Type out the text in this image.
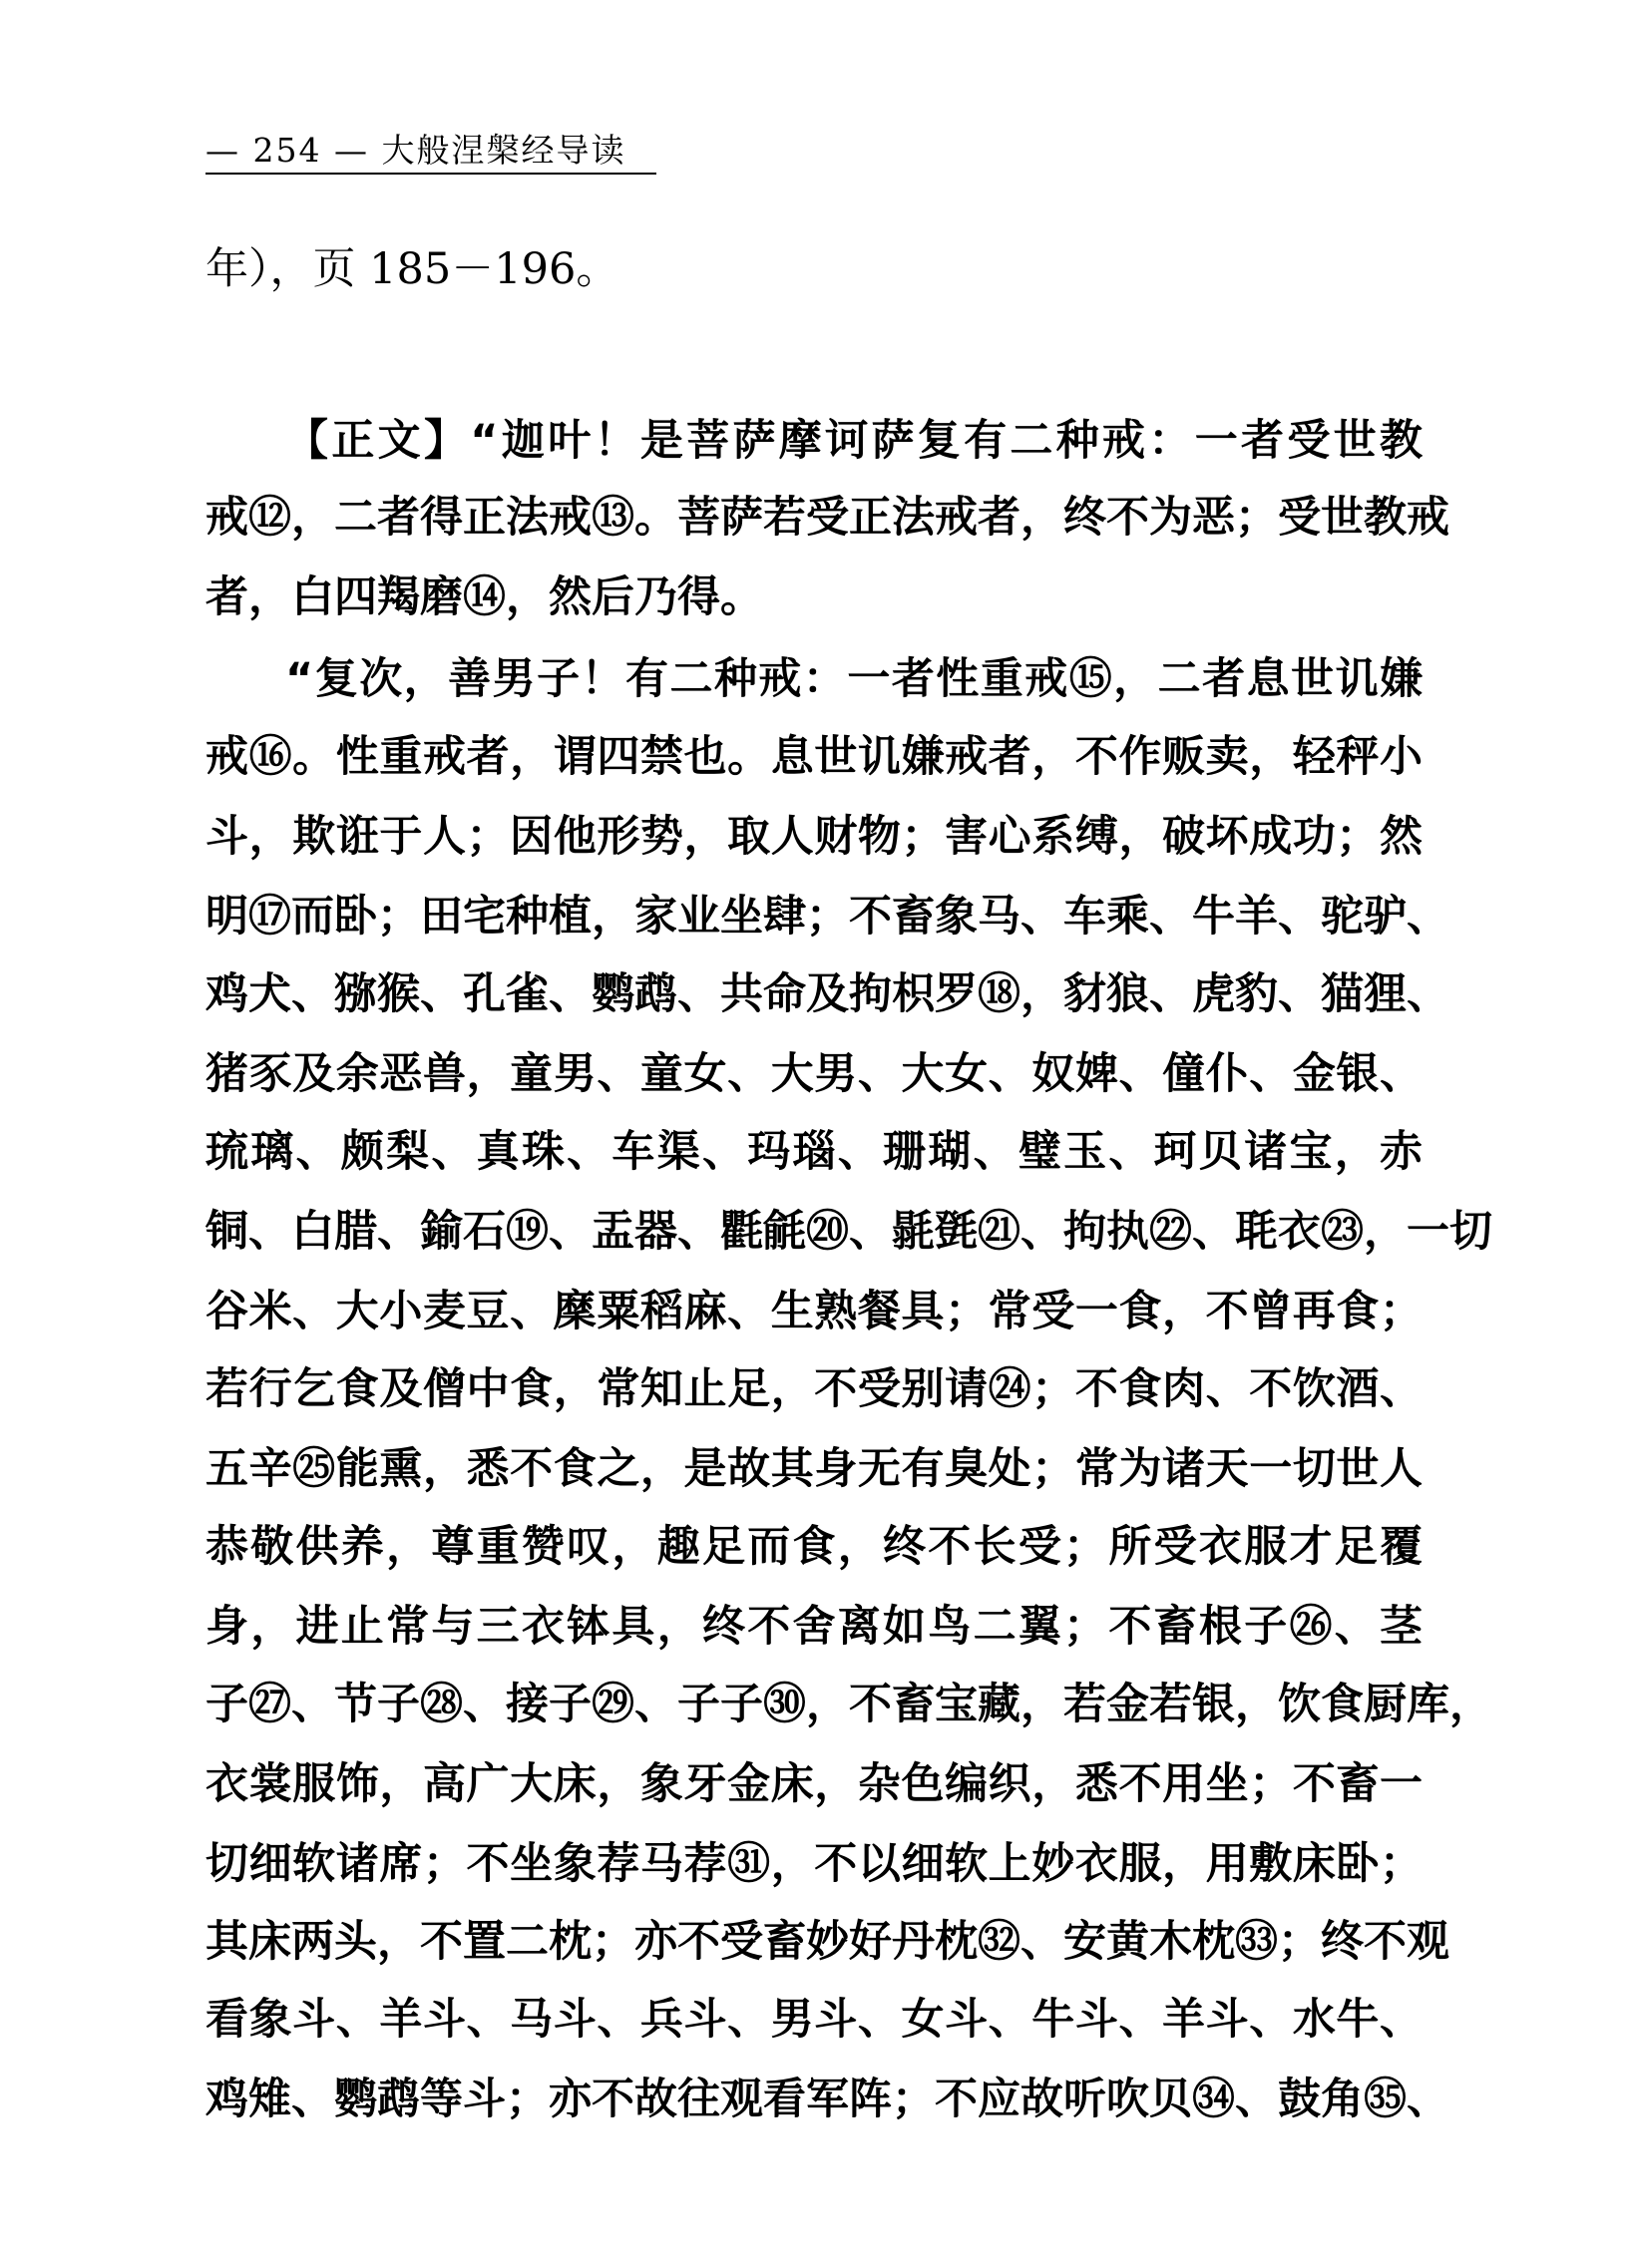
— 254 — 大般涅槃经导读
年），页 185－196。
【正文】“迦叶！是菩萨摩诃萨复有二种戒：一者受世教
戒⑫，二者得正法戒⑬。菩萨若受正法戒者，终不为恶；受世教戒
者，白四羯磨⑭，然后乃得。
“复次，善男子！有二种戒：一者性重戒⑮，二者息世讥嫌
戒⑯。性重戒者，谓四禁也。息世讥嫌戒者，不作贩卖，轻秤小
斗，欺诳于人；因他形势，取人财物；害心系缚，破坏成功；然
明⑰而卧；田宅种植，家业坐肆；不畜象马、车乘、牛羊、驼驴、
鸡犬、猕猴、孔雀、鹦鹉、共命及拘枳罗⑱，豺狼、虎豹、猫狸、
猪豕及余恶兽，童男、童女、大男、大女、奴婢、僮仆、金银、
琉璃、颇梨、真珠、车渠、玛瑙、珊瑚、璧玉、珂贝诸宝，赤
铜、白腊、鍮石⑲、盂器、氍毹⑳、毾㲪㉑、拘执㉒、毦衣㉓，一切
谷米、大小麦豆、穈粟稻麻、生熟餐具；常受一食，不曾再食；
若行乞食及僧中食，常知止足，不受别请㉔；不食肉、不饮酒、
五辛㉕能熏，悉不食之，是故其身无有臭处；常为诸天一切世人
恭敬供养，尊重赞叹，趣足而食，终不长受；所受衣服才足覆
身，进止常与三衣钵具，终不舍离如鸟二翼；不畜根子㉖、茎
子㉗、节子㉘、接子㉙、子子㉚，不畜宝藏，若金若银，饮食厨库，
衣裳服饰，高广大床，象牙金床，杂色编织，悉不用坐；不畜一
切细软诸席；不坐象荐马荐㉛，不以细软上妙衣服，用敷床卧；
其床两头，不置二枕；亦不受畜妙好丹枕㉜、安黄木枕㉝；终不观
看象斗、羊斗、马斗、兵斗、男斗、女斗、牛斗、羊斗、水牛、
鸡雉、鹦鹉等斗；亦不故往观看军阵；不应故听吹贝㉞、鼓角㉟、
